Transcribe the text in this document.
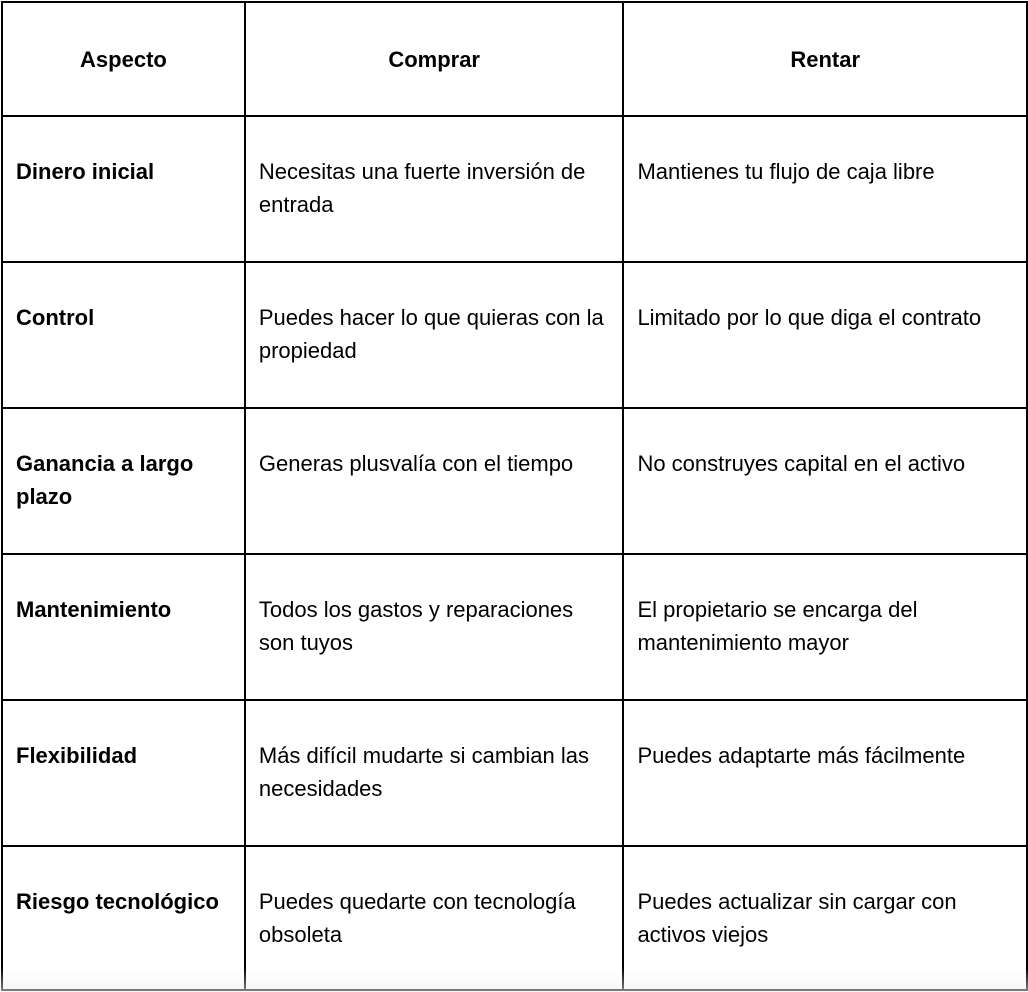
Aspecto	Comprar	Rentar
Dinero inicial	Necesitas una fuerte inversión de entrada	Mantienes tu flujo de caja libre
Control	Puedes hacer lo que quieras con la propiedad	Limitado por lo que diga el contrato
Ganancia a largo plazo	Generas plusvalía con el tiempo	No construyes capital en el activo
Mantenimiento	Todos los gastos y reparaciones son tuyos	El propietario se encarga del mantenimiento mayor
Flexibilidad	Más difícil mudarte si cambian las necesidades	Puedes adaptarte más fácilmente
Riesgo tecnológico	Puedes quedarte con tecnología obsoleta	Puedes actualizar sin cargar con activos viejos
